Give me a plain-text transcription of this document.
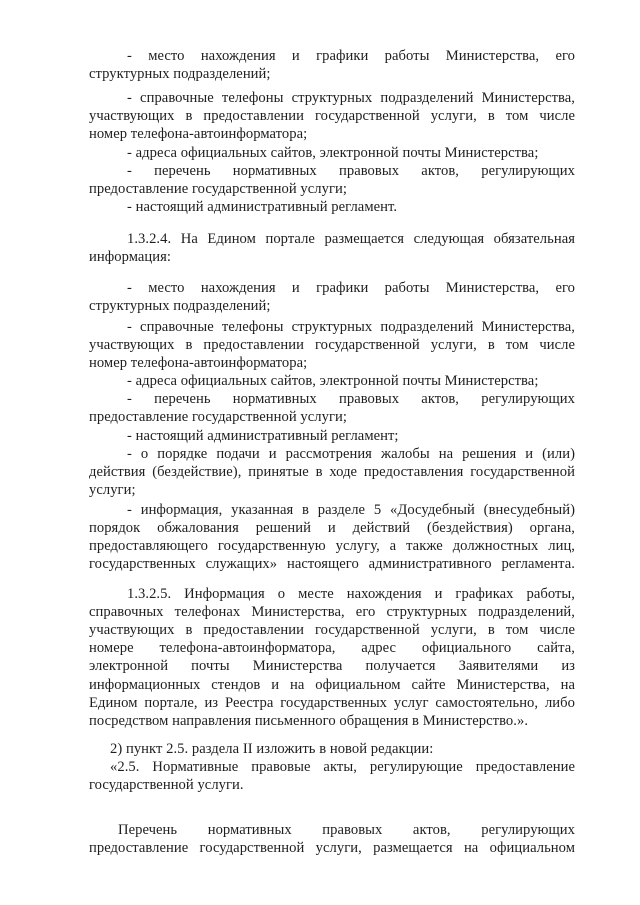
- место нахождения и графики работы Министерства, его
структурных подразделений;
- справочные телефоны структурных подразделений Министерства,
участвующих в предоставлении государственной услуги, в том числе
номер телефона-автоинформатора;
- адреса официальных сайтов, электронной почты Министерства;
- перечень нормативных правовых актов, регулирующих
предоставление государственной услуги;
- настоящий административный регламент.
1.3.2.4. На Едином портале размещается следующая обязательная
информация:
- место нахождения и графики работы Министерства, его
структурных подразделений;
- справочные телефоны структурных подразделений Министерства,
участвующих в предоставлении государственной услуги, в том числе
номер телефона-автоинформатора;
- адреса официальных сайтов, электронной почты Министерства;
- перечень нормативных правовых актов, регулирующих
предоставление государственной услуги;
- настоящий административный регламент;
- о порядке подачи и рассмотрения жалобы на решения и (или)
действия (бездействие), принятые в ходе предоставления государственной
услуги;
- информация, указанная в разделе 5 «Досудебный (внесудебный)
порядок обжалования решений и действий (бездействия) органа,
предоставляющего государственную услугу, а также должностных лиц,
государственных служащих» настоящего административного регламента.
1.3.2.5. Информация о месте нахождения и графиках работы,
справочных телефонах Министерства, его структурных подразделений,
участвующих в предоставлении государственной услуги, в том числе
номере телефона-автоинформатора, адрес официального сайта,
электронной почты Министерства получается Заявителями из
информационных стендов и на официальном сайте Министерства, на
Едином портале, из Реестра государственных услуг самостоятельно, либо
посредством направления письменного обращения в Министерство.».
2) пункт 2.5. раздела II изложить в новой редакции:
«2.5. Нормативные правовые акты, регулирующие предоставление
государственной услуги.
Перечень нормативных правовых актов, регулирующих
предоставление государственной услуги, размещается на официальном
